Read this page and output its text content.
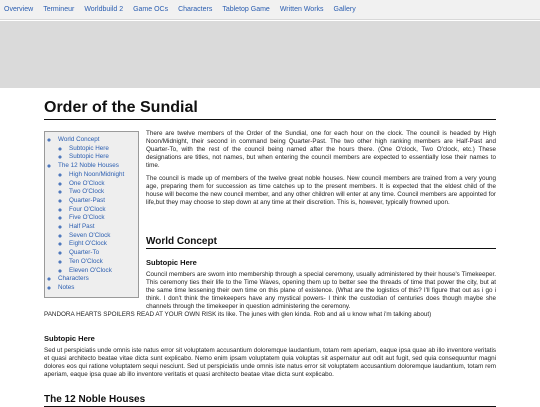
Overview Termineur Worldbuild 2 Game OCs Characters Tabletop Game Written Works Gallery
Order of the Sundial
◦ World Concept
◦ Subtopic Here
◦ Subtopic Here
◦ The 12 Noble Houses
◦ High Noon/Midnight
◦ One O'Clock
◦ Two O'Clock
◦ Quarter-Past
◦ Four O'Clock
◦ Five O'Clock
◦ Half Past
◦ Seven O'Clock
◦ Eight O'Clock
◦ Quarter-To
◦ Ten O'Clock
◦ Eleven O'Clock
◦ Characters
◦ Notes

There are twelve members of the Order of the Sundial, one for each hour on the clock. The council is headed by High Noon/Midnight, their second in command being Quarter-Past. The two other high ranking members are Half-Past and Quarter-To, with the rest of the council being named after the hours there. (One O'clock, Two O'clock, etc.) These designations are titles, not names, but when entering the council members are expected to essentially lose their names to time.

The council is made up of members of the twelve great noble houses. New council members are trained from a very young age, preparing them for succession as time catches up to the present members. It is expected that the eldest child of the house will become the new council member, and any other children will enter at any time. Council members are appointed for life,but they may choose to step down at any time at their discretion. This is, however, typically frowned upon.

World Concept
Subtopic Here

Council members are sworn into membership through a special ceremony, usually administered by their house's Timekeeper. This ceremony ties their life to the Time Waves, opening them up to better see the threads of time that power the city, but at the same time lessening their own time on this plane of existence. (What are the logistics of this? I'll figure that out as i go i think. I don't think the timekeepers have any mystical powers- I think the custodian of centuries does though maybe she channels through the timekeeper in question administering the ceremony.

PANDORA HEARTS SPOILERS READ AT YOUR OWN RISK its like. The junes with glen kinda. Rob and ali u know what i'm talking about)

Subtopic Here

Sed ut perspiciatis unde omnis iste natus error sit voluptatem accusantium doloremque laudantium, totam rem aperiam, eaque ipsa quae ab illo inventore veritatis et quasi architecto beatae vitae dicta sunt explicabo. Nemo enim ipsam voluptatem quia voluptas sit aspernatur aut odit aut fugit, sed quia consequuntur magni dolores eos qui ratione voluptatem sequi nesciunt. Sed ut perspiciatis unde omnis iste natus error sit voluptatem accusantium doloremque laudantium, totam rem aperiam, eaque ipsa quae ab illo inventore veritatis et quasi architecto beatae vitae dicta sunt explicabo.

The 12 Noble Houses
